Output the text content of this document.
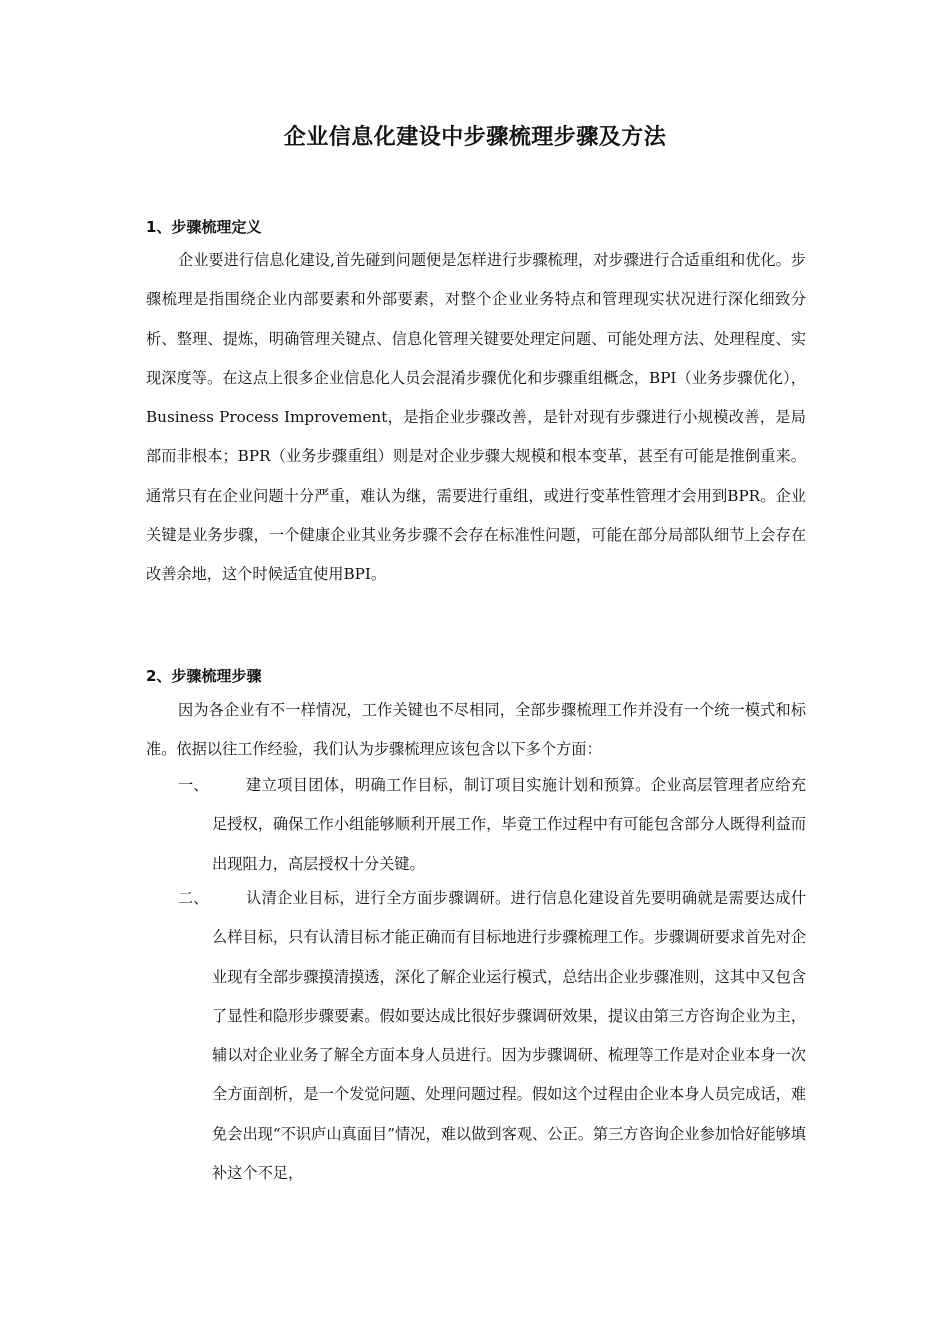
企业信息化建设中步骤梳理步骤及方法
1、步骤梳理定义

企业要进行信息化建设,首先碰到问题便是怎样进行步骤梳理，对步骤进行合适重组和优化。步骤梳理是指围绕企业内部要素和外部要素，对整个企业业务特点和管理现实状况进行深化细致分析、整理、提炼，明确管理关键点、信息化管理关键要处理定问题、可能处理方法、处理程度、实现深度等。在这点上很多企业信息化人员会混淆步骤优化和步骤重组概念，BPI（业务步骤优化），Business Process Improvement，是指企业步骤改善，是针对现有步骤进行小规模改善，是局部而非根本；BPR（业务步骤重组）则是对企业步骤大规模和根本变革，甚至有可能是推倒重来。通常只有在企业问题十分严重，难认为继，需要进行重组，或进行变革性管理才会用到BPR。企业关键是业务步骤，一个健康企业其业务步骤不会存在标准性问题，可能在部分局部队细节上会存在改善余地，这个时候适宜使用BPI。

2、步骤梳理步骤

因为各企业有不一样情况，工作关键也不尽相同，全部步骤梳理工作并没有一个统一模式和标准。依据以往工作经验，我们认为步骤梳理应该包含以下多个方面：

一、	建立项目团体，明确工作目标，制订项目实施计划和预算。企业高层管理者应给充足授权，确保工作小组能够顺利开展工作，毕竟工作过程中有可能包含部分人既得利益而出现阻力，高层授权十分关键。

二、	认清企业目标，进行全方面步骤调研。进行信息化建设首先要明确就是需要达成什么样目标，只有认清目标才能正确而有目标地进行步骤梳理工作。步骤调研要求首先对企业现有全部步骤摸清摸透，深化了解企业运行模式，总结出企业步骤准则，这其中又包含了显性和隐形步骤要素。假如要达成比很好步骤调研效果，提议由第三方咨询企业为主，辅以对企业业务了解全方面本身人员进行。因为步骤调研、梳理等工作是对企业本身一次全方面剖析，是一个发觉问题、处理问题过程。假如这个过程由企业本身人员完成话，难免会出现“不识庐山真面目”情况，难以做到客观、公正。第三方咨询企业参加恰好能够填补这个不足，
